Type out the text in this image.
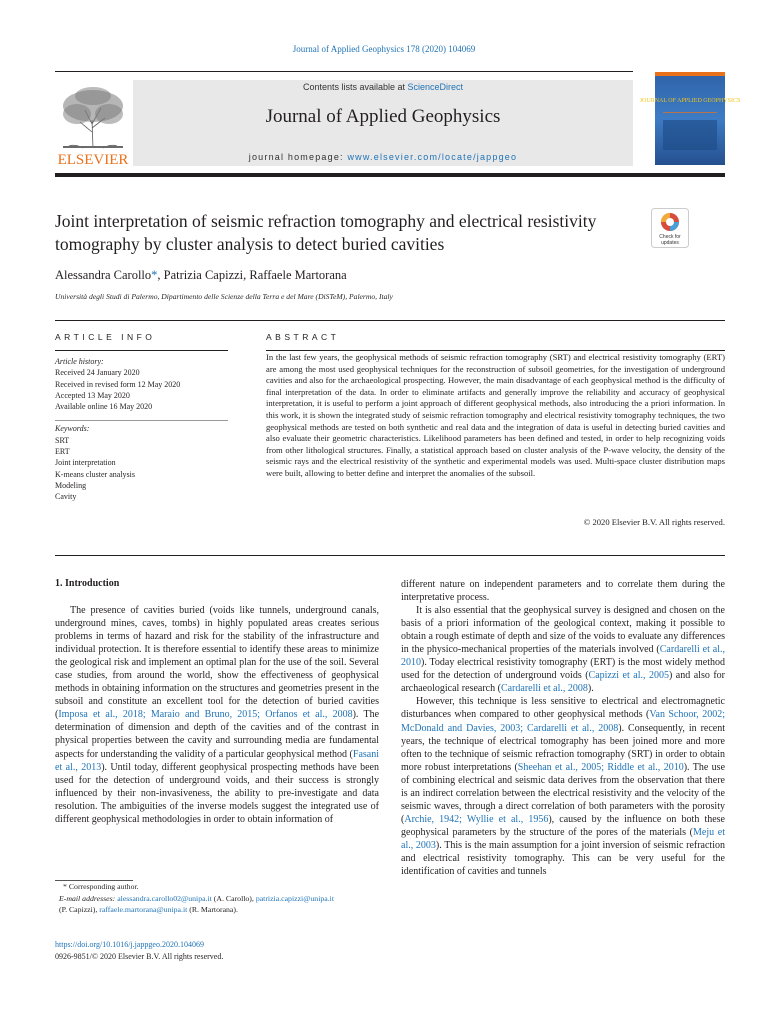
Journal of Applied Geophysics 178 (2020) 104069
ELSEVIER
Contents lists available at ScienceDirect
Journal of Applied Geophysics
journal homepage: www.elsevier.com/locate/jappgeo
JOURNAL OF APPLIED GEOPHYSICS
Joint interpretation of seismic refraction tomography and electrical resistivity tomography by cluster analysis to detect buried cavities	Check for
updates
Alessandra Carollo*, Patrizia Capizzi, Raffaele Martorana
Università degli Studi di Palermo, Dipartimento delle Scienze della Terra e del Mare (DiSTeM), Palermo, Italy
ARTICLE INFO	ABSTRACT
Article history:
Received 24 January 2020
Received in revised form 12 May 2020
Accepted 13 May 2020
Available online 16 May 2020
Keywords:
SRT
ERT
Joint interpretation
K-means cluster analysis
Modeling
Cavity
In the last few years, the geophysical methods of seismic refraction tomography (SRT) and electrical resistivity tomography (ERT) are among the most used geophysical techniques for the reconstruction of subsoil geometries, for the investigation of underground cavities and also for the archaeological prospecting. However, the main disadvantage of each geophysical method is the difficulty of final interpretation of the data. In order to eliminate artifacts and generally improve the reliability and accuracy of geophysical interpretation, it is useful to perform a joint approach of different geophysical methods, also introducing the a priori information. In this work, it is shown the integrated study of seismic refraction tomography and electrical resistivity tomography techniques, the two geophysical methods are tested on both synthetic and real data and the integration of data is useful in detecting buried cavities and also evaluate their geometric characteristics. Likelihood parameters has been defined and tested, in order to help recognizing voids from other lithological structures. Finally, a statistical approach based on cluster analysis of the P-wave velocity, the density of the seismic rays and the electrical resistivity of the synthetic and experimental models was used. Multi-space cluster distribution maps were built, allowing to better define and interpret the anomalies of the subsoil.
© 2020 Elsevier B.V. All rights reserved.
1. Introduction

The presence of cavities buried (voids like tunnels, underground canals, underground mines, caves, tombs) in highly populated areas creates serious problems in terms of hazard and risk for the stability of the infrastructure and individual protection. It is therefore essential to identify these areas to minimize the geological risk and implement an optimal plan for the use of the soil. Several case studies, from around the world, show the effectiveness of geophysical methods in obtaining information on the structures and geometries present in the subsoil and constitute an excellent tool for the detection of buried cavities (Imposa et al., 2018; Maraio and Bruno, 2015; Orfanos et al., 2008). The determination of dimension and depth of the cavities and of the contrast in physical properties between the cavity and surrounding media are fundamental aspects for understanding the validity of a particular geophysical method (Fasani et al., 2013). Until today, different geophysical prospecting methods have been used for the detection of underground voids, and their success is strongly influenced by their non-invasiveness, the ability to pre-investigate and data resolution. The ambiguities of the inverse models suggest the integrated use of different geophysical methodologies in order to obtain information of

different nature on independent parameters and to correlate them during the interpretative process.

It is also essential that the geophysical survey is designed and chosen on the basis of a priori information of the geological context, making it possible to obtain a rough estimate of depth and size of the voids to evaluate any differences in the physico-mechanical properties of the materials involved (Cardarelli et al., 2010). Today electrical resistivity tomography (ERT) is the most widely method used for the detection of underground voids (Capizzi et al., 2005) and also for archaeological research (Cardarelli et al., 2008).

However, this technique is less sensitive to electrical and electromagnetic disturbances when compared to other geophysical methods (Van Schoor, 2002; McDonald and Davies, 2003; Cardarelli et al., 2008). Consequently, in recent years, the technique of electrical tomography has been joined more and more often to the technique of seismic refraction tomography (SRT) in order to obtain more robust interpretations (Sheehan et al., 2005; Riddle et al., 2010). The use of combining electrical and seismic data derives from the observation that there is an indirect correlation between the electrical resistivity and the velocity of the seismic waves, through a direct correlation of both parameters with the porosity (Archie, 1942; Wyllie et al., 1956), caused by the influence on both these geophysical parameters by the structure of the pores of the materials (Meju et al., 2003). This is the main assumption for a joint inversion of seismic refraction and electrical resistivity tomography. This can be very useful for the identification of cavities and tunnels

* Corresponding author.
E-mail addresses: alessandra.carollo02@unipa.it (A. Carollo), patrizia.capizzi@unipa.it
(P. Capizzi), raffaele.martorana@unipa.it (R. Martorana).
https://doi.org/10.1016/j.jappgeo.2020.104069
0926-9851/© 2020 Elsevier B.V. All rights reserved.
